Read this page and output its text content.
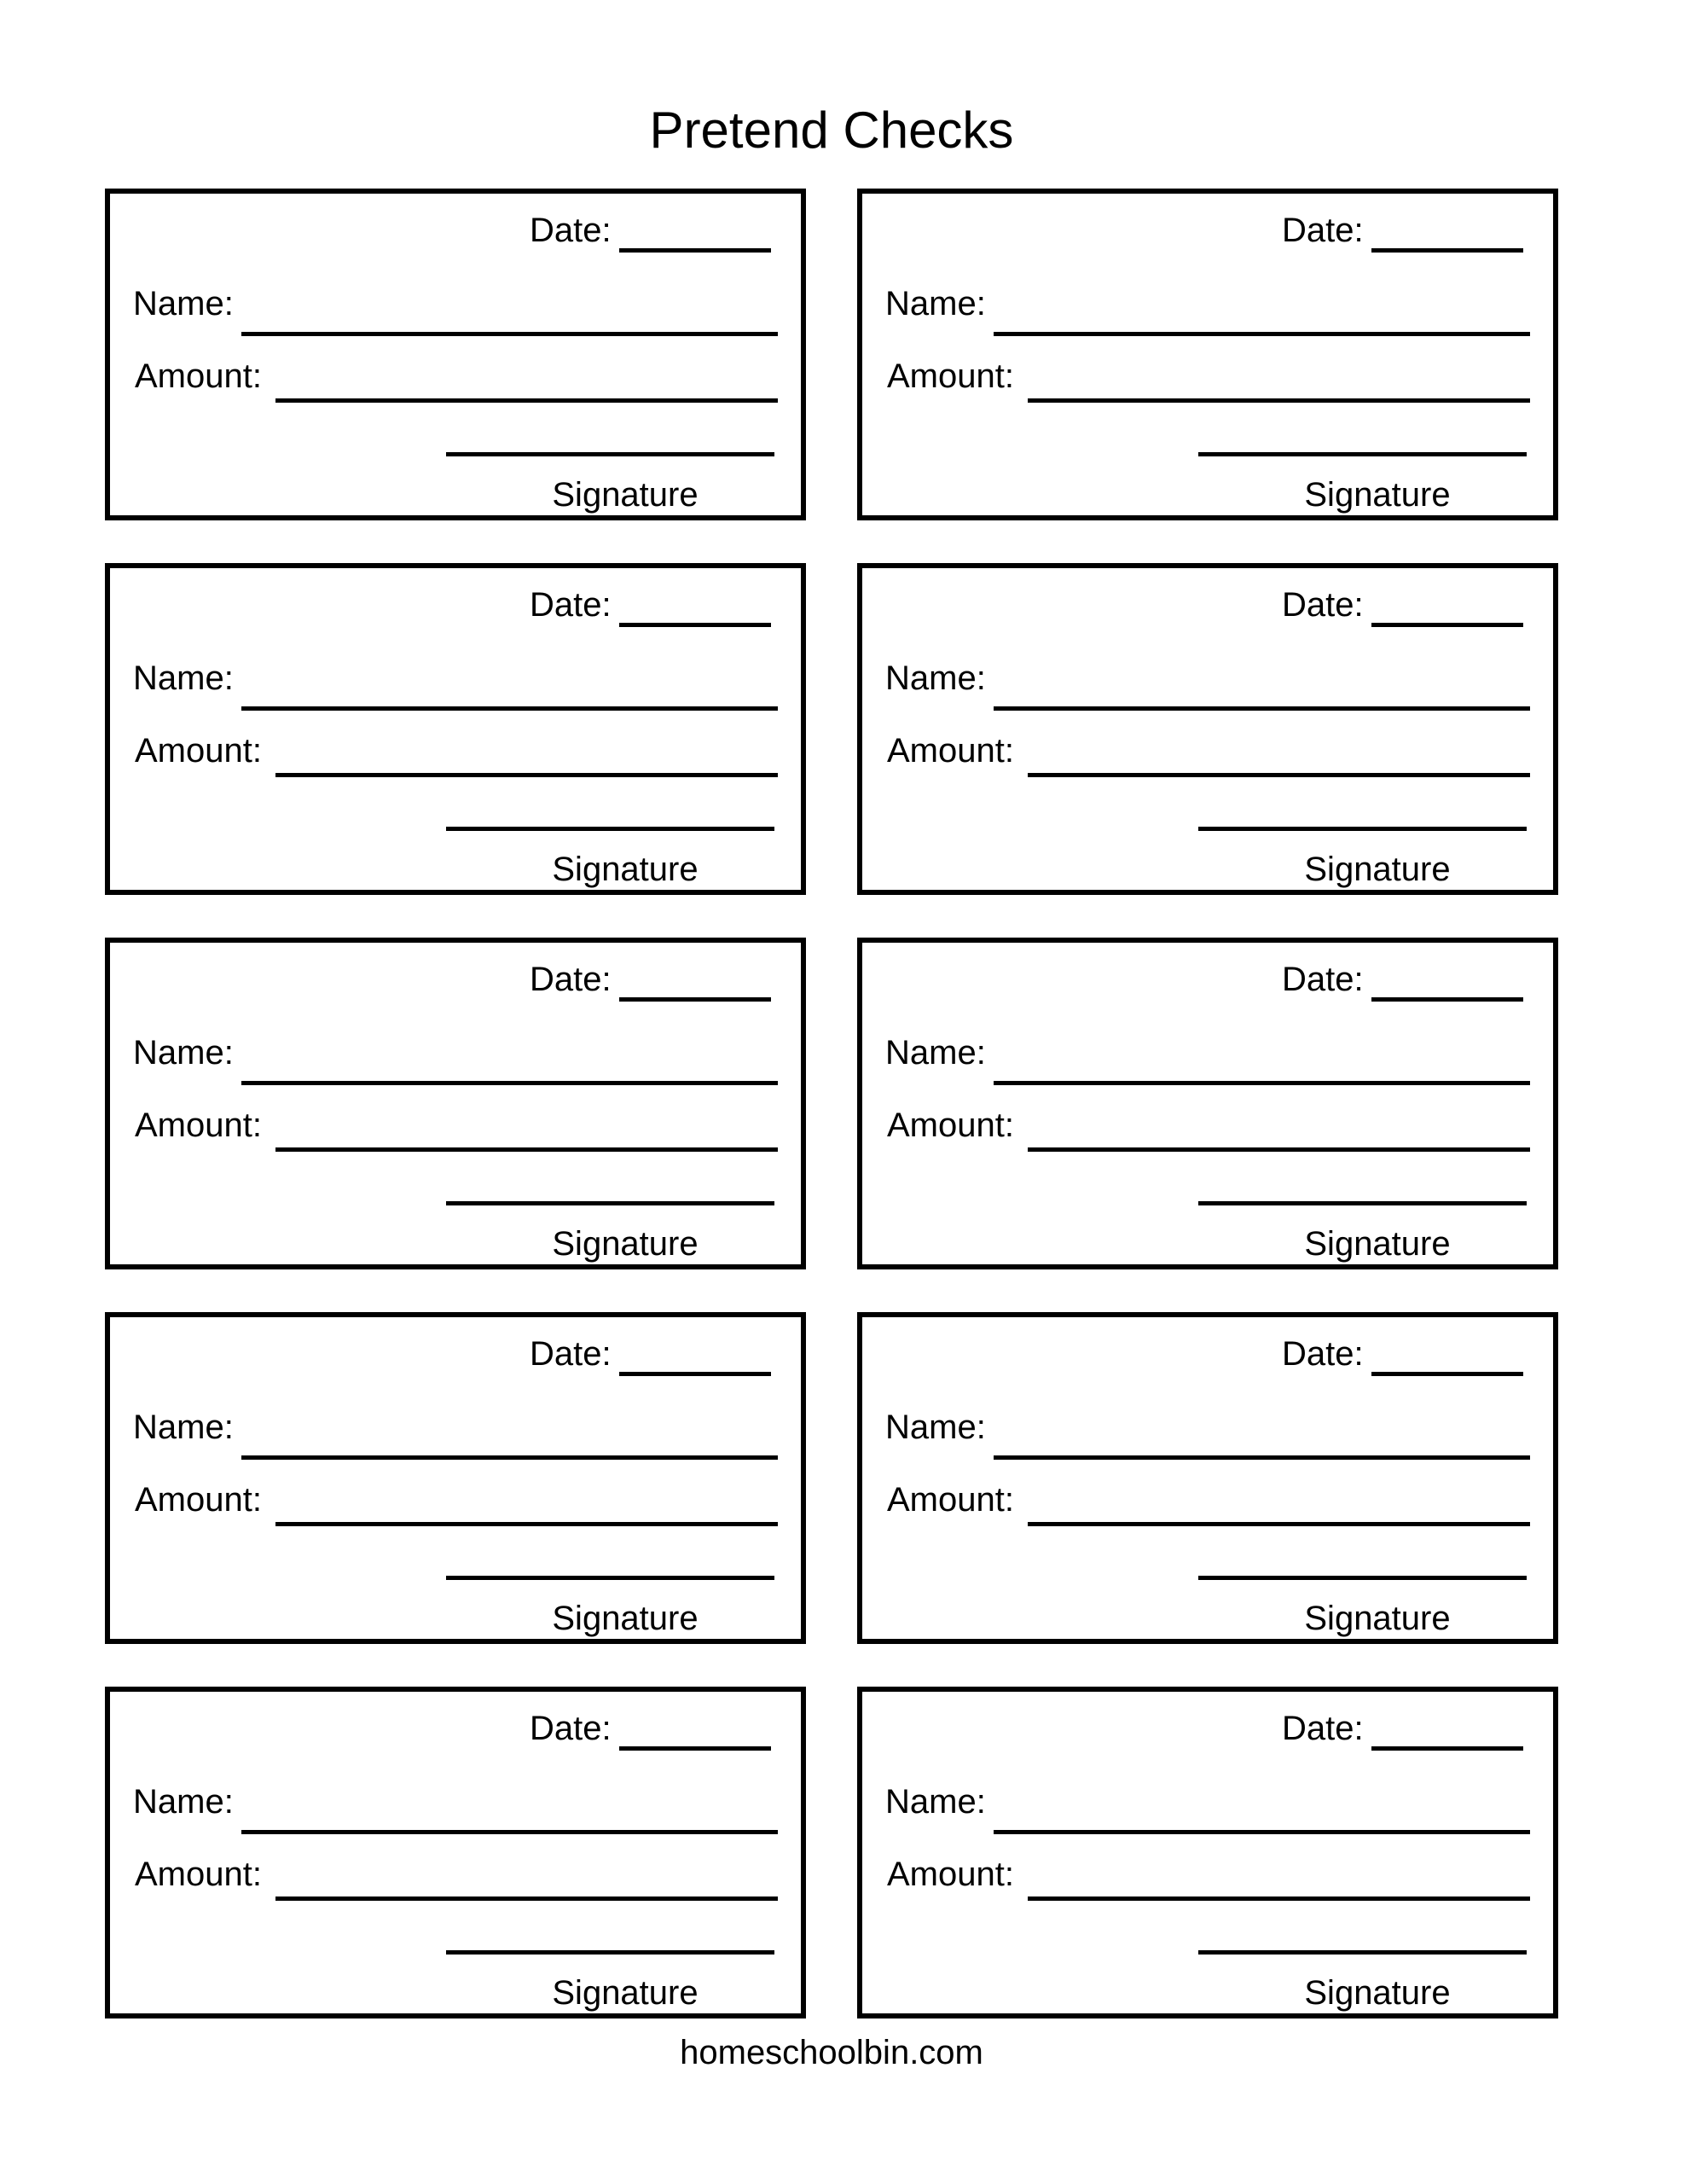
Pretend Checks
Date:
Name:
Amount:
Signature
Date:
Name:
Amount:
Signature
Date:
Name:
Amount:
Signature
Date:
Name:
Amount:
Signature
Date:
Name:
Amount:
Signature
Date:
Name:
Amount:
Signature
Date:
Name:
Amount:
Signature
Date:
Name:
Amount:
Signature
Date:
Name:
Amount:
Signature
Date:
Name:
Amount:
Signature
homeschoolbin.com
